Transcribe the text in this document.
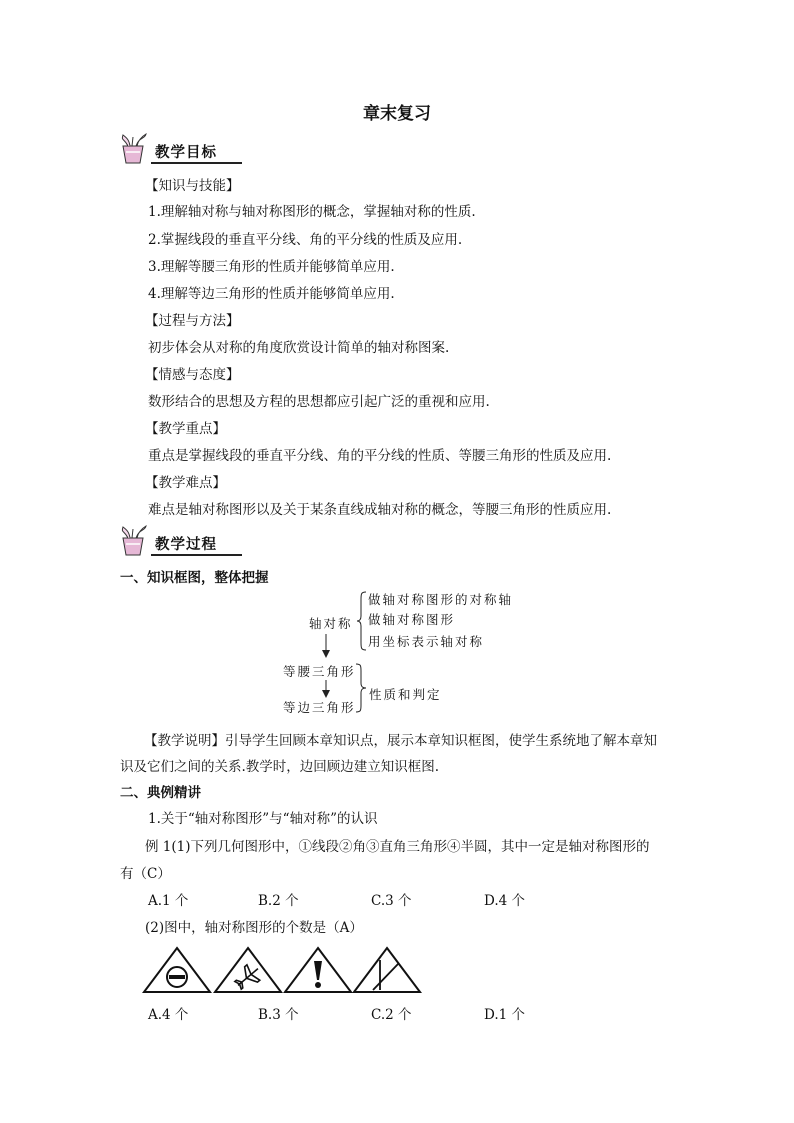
章末复习
教学目标
【知识与技能】
1.理解轴对称与轴对称图形的概念，掌握轴对称的性质.
2.掌握线段的垂直平分线、角的平分线的性质及应用.
3.理解等腰三角形的性质并能够简单应用.
4.理解等边三角形的性质并能够简单应用.
【过程与方法】
初步体会从对称的角度欣赏设计简单的轴对称图案.
【情感与态度】
数形结合的思想及方程的思想都应引起广泛的重视和应用.
【教学重点】
重点是掌握线段的垂直平分线、角的平分线的性质、等腰三角形的性质及应用.
【教学难点】
难点是轴对称图形以及关于某条直线成轴对称的概念，等腰三角形的性质应用.
教学过程
一、知识框图，整体把握
轴对称
做轴对称图形的对称轴
做轴对称图形
用坐标表示轴对称
等腰三角形
等边三角形
性质和判定
【教学说明】引导学生回顾本章知识点，展示本章知识框图，使学生系统地了解本章知
识及它们之间的关系.教学时，边回顾边建立知识框图.
二、典例精讲
1.关于“轴对称图形”与“轴对称”的认识
例 1(1)下列几何图形中，①线段②角③直角三角形④半圆，其中一定是轴对称图形的
有（C）
A.1 个	B.2 个	C.3 个	D.4 个
(2)图中，轴对称图形的个数是（A）
A.4 个	B.3 个	C.2 个	D.1 个
